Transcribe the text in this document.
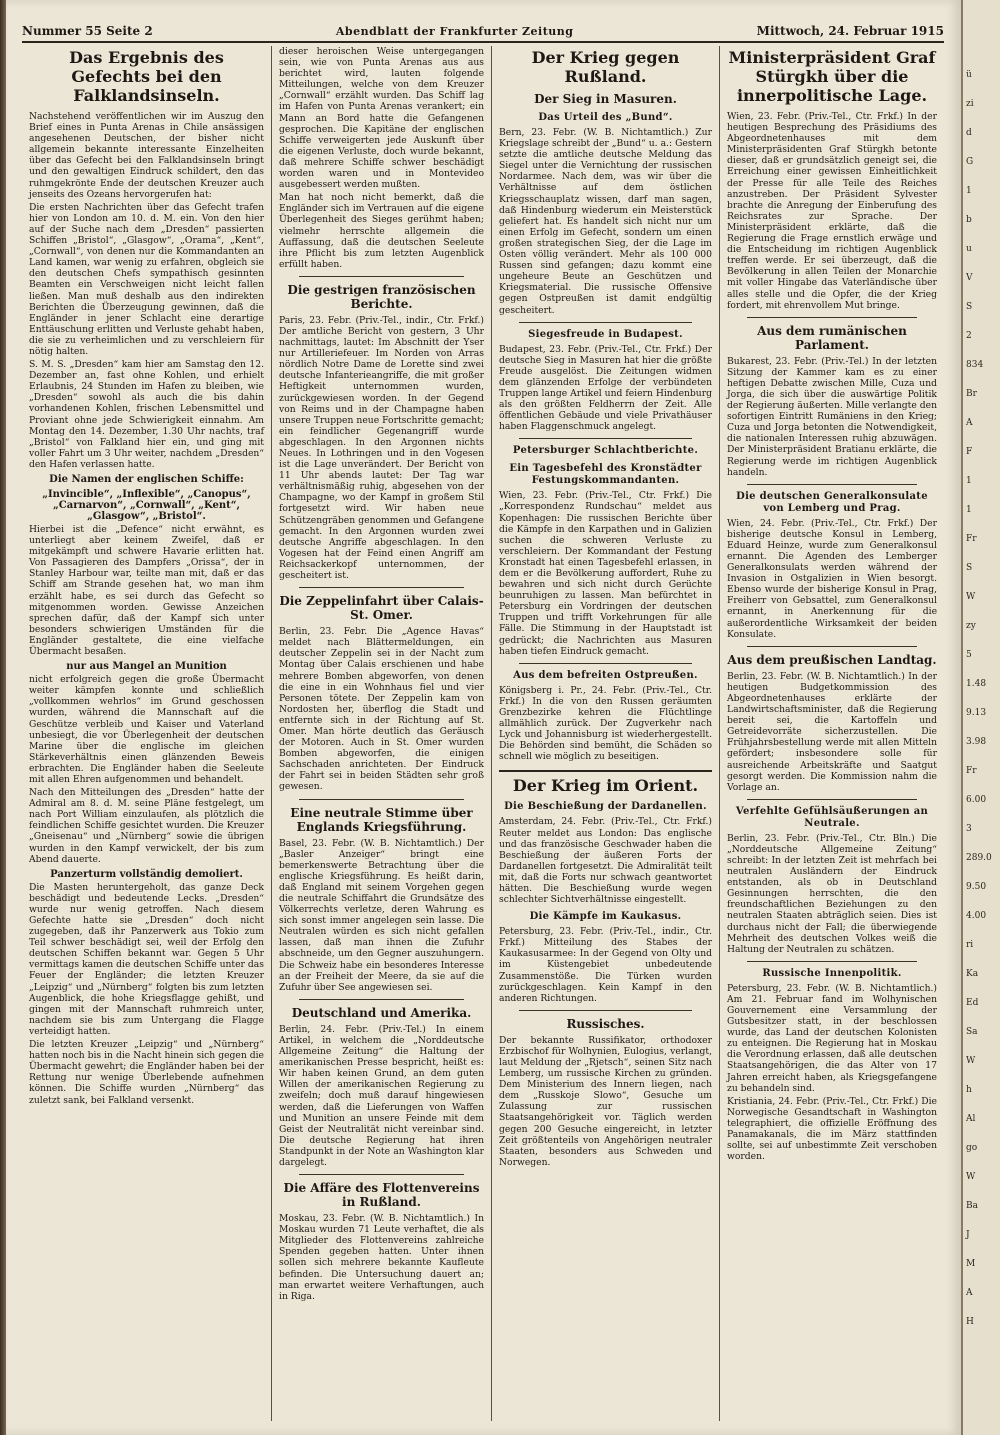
ü
zi
d
G
1
b
u
V
S
2
834
Br
A
F
1
1
Fr
S
W
zy
5
1.48
9.13
3.98
Fr
6.00
3
289.0
9.50
4.00
ri
Ka
Ed
Sa
W
h
Al
go
W
Ba
J
M
A
H
Nummer 55 Seite 2	Abendblatt der Frankfurter Zeitung	Mittwoch, 24. Februar 1915
Das Ergebnis des Gefechts bei den Falklandsinseln.

Nachstehend veröffentlichen wir im Auszug den Brief eines in Punta Arenas in Chile ansässigen angesehenen Deutschen, der bisher nicht allgemein bekannte interessante Einzelheiten über das Gefecht bei den Falklandsinseln bringt und den gewaltigen Eindruck schildert, den das ruhmgekrönte Ende der deutschen Kreuzer auch jenseits des Ozeans hervorgerufen hat:

Die ersten Nachrichten über das Gefecht trafen hier von London am 10. d. M. ein. Von den hier auf der Suche nach dem „Dresden“ passierten Schiffen „Bristol“, „Glasgow“, „Orama“, „Kent“, „Cornwall“, von denen nur die Kommandanten an Land kamen, war wenig zu erfahren, obgleich sie den deutschen Chefs sympathisch gesinnten Beamten ein Verschweigen nicht leicht fallen ließen. Man muß deshalb aus den indirekten Berichten die Überzeugung gewinnen, daß die Engländer in jener Schlacht eine derartige Enttäuschung erlitten und Verluste gehabt haben, die sie zu verheimlichen und zu verschleiern für nötig halten.

S. M. S. „Dresden“ kam hier am Samstag den 12. Dezember an, fast ohne Kohlen, und erhielt Erlaubnis, 24 Stunden im Hafen zu bleiben, wie „Dresden“ sowohl als auch die bis dahin vorhandenen Kohlen, frischen Lebensmittel und Proviant ohne jede Schwierigkeit einnahm. Am Montag den 14. Dezember, 1.30 Uhr nachts, traf „Bristol“ von Falkland hier ein, und ging mit voller Fahrt um 3 Uhr weiter, nachdem „Dresden“ den Hafen verlassen hatte.

Die Namen der englischen Schiffe:
„Invincible“, „Inflexible“, „Canopus“, „Carnarvon“, „Cornwall“, „Kent“, „Glasgow“, „Bristol“.

Hierbei ist die „Defence“ nicht erwähnt, es unterliegt aber keinem Zweifel, daß er mitgekämpft und schwere Havarie erlitten hat. Von Passagieren des Dampfers „Orissa“, der in Stanley Harbour war, teilte man mit, daß er das Schiff am Strande gesehen hat, wo man ihm erzählt habe, es sei durch das Gefecht so mitgenommen worden. Gewisse Anzeichen sprechen dafür, daß der Kampf sich unter besonders schwierigen Umständen für die Engländer gestaltete, die eine vielfache Übermacht besaßen.

nur aus Mangel an Munition

nicht erfolgreich gegen die große Übermacht weiter kämpfen konnte und schließlich „vollkommen wehrlos“ im Grund geschossen wurden, während die Mannschaft auf die Geschütze verbleib und Kaiser und Vaterland unbesiegt, die vor Überlegenheit der deutschen Marine über die englische im gleichen Stärkeverhältnis einen glänzenden Beweis erbrachten. Die Engländer haben die Seeleute mit allen Ehren aufgenommen und behandelt.

Nach den Mitteilungen des „Dresden“ hatte der Admiral am 8. d. M. seine Pläne festgelegt, um nach Port William einzulaufen, als plötzlich die feindlichen Schiffe gesichtet wurden. Die Kreuzer „Gneisenau“ und „Nürnberg“ sowie die übrigen wurden in den Kampf verwickelt, der bis zum Abend dauerte.

Panzerturm vollständig demoliert.

Die Masten heruntergeholt, das ganze Deck beschädigt und bedeutende Lecks. „Dresden“ wurde nur wenig getroffen. Nach diesem Gefechte hatte sie „Dresden“ doch nicht zugegeben, daß ihr Panzerwerk aus Tokio zum Teil schwer beschädigt sei, weil der Erfolg den deutschen Schiffen bekannt war. Gegen 5 Uhr vermittags kamen die deutschen Schiffe unter das Feuer der Engländer; die letzten Kreuzer „Leipzig“ und „Nürnberg“ folgten bis zum letzten Augenblick, die hohe Kriegsflagge gehißt, und gingen mit der Mannschaft ruhmreich unter, nachdem sie bis zum Untergang die Flagge verteidigt hatten.

Die letzten Kreuzer „Leipzig“ und „Nürnberg“ hatten noch bis in die Nacht hinein sich gegen die Übermacht gewehrt; die Engländer haben bei der Rettung nur wenige Überlebende aufnehmen können. Die Schiffe wurden „Nürnberg“ das zuletzt sank, bei Falkland versenkt.

dieser heroischen Weise untergegangen sein, wie von Punta Arenas aus aus berichtet wird, lauten folgende Mitteilungen, welche von dem Kreuzer „Cornwall“ erzählt wurden. Das Schiff lag im Hafen von Punta Arenas verankert; ein Mann an Bord hatte die Gefangenen gesprochen. Die Kapitäne der englischen Schiffe verweigerten jede Auskunft über die eigenen Verluste, doch wurde bekannt, daß mehrere Schiffe schwer beschädigt worden waren und in Montevideo ausgebessert werden mußten.

Man hat noch nicht bemerkt, daß die Engländer sich im Vertrauen auf die eigene Überlegenheit des Sieges gerühmt haben; vielmehr herrschte allgemein die Auffassung, daß die deutschen Seeleute ihre Pflicht bis zum letzten Augenblick erfüllt haben.

Die gestrigen französischen Berichte.

Paris, 23. Febr. (Priv.-Tel., indir., Ctr. Frkf.) Der amtliche Bericht von gestern, 3 Uhr nachmittags, lautet: Im Abschnitt der Yser nur Artilleriefeuer. Im Norden von Arras nördlich Notre Dame de Lorette sind zwei deutsche Infanterieangriffe, die mit großer Heftigkeit unternommen wurden, zurückgewiesen worden. In der Gegend von Reims und in der Champagne haben unsere Truppen neue Fortschritte gemacht; ein feindlicher Gegenangriff wurde abgeschlagen. In den Argonnen nichts Neues. In Lothringen und in den Vogesen ist die Lage unverändert. Der Bericht von 11 Uhr abends lautet: Der Tag war verhältnismäßig ruhig, abgesehen von der Champagne, wo der Kampf in großem Stil fortgesetzt wird. Wir haben neue Schützengräben genommen und Gefangene gemacht. In den Argonnen wurden zwei deutsche Angriffe abgeschlagen. In den Vogesen hat der Feind einen Angriff am Reichsackerkopf unternommen, der gescheitert ist.

Die Zeppelinfahrt über Calais-St. Omer.

Berlin, 23. Febr. Die „Agence Havas“ meldet nach Blättermeldungen, ein deutscher Zeppelin sei in der Nacht zum Montag über Calais erschienen und habe mehrere Bomben abgeworfen, von denen die eine in ein Wohnhaus fiel und vier Personen tötete. Der Zeppelin kam von Nordosten her, überflog die Stadt und entfernte sich in der Richtung auf St. Omer. Man hörte deutlich das Geräusch der Motoren. Auch in St. Omer wurden Bomben abgeworfen, die einigen Sachschaden anrichteten. Der Eindruck der Fahrt sei in beiden Städten sehr groß gewesen.

Eine neutrale Stimme über Englands Kriegsführung.

Basel, 23. Febr. (W. B. Nichtamtlich.) Der „Basler Anzeiger“ bringt eine bemerkenswerte Betrachtung über die englische Kriegsführung. Es heißt darin, daß England mit seinem Vorgehen gegen die neutrale Schiffahrt die Grundsätze des Völkerrechts verletze, deren Wahrung es sich sonst immer angelegen sein lasse. Die Neutralen würden es sich nicht gefallen lassen, daß man ihnen die Zufuhr abschneide, um den Gegner auszuhungern. Die Schweiz habe ein besonderes Interesse an der Freiheit der Meere, da sie auf die Zufuhr über See angewiesen sei.

Deutschland und Amerika.

Berlin, 24. Febr. (Priv.-Tel.) In einem Artikel, in welchem die „Norddeutsche Allgemeine Zeitung“ die Haltung der amerikanischen Presse bespricht, heißt es: Wir haben keinen Grund, an dem guten Willen der amerikanischen Regierung zu zweifeln; doch muß darauf hingewiesen werden, daß die Lieferungen von Waffen und Munition an unsere Feinde mit dem Geist der Neutralität nicht vereinbar sind. Die deutsche Regierung hat ihren Standpunkt in der Note an Washington klar dargelegt.

Die Affäre des Flottenvereins in Rußland.

Moskau, 23. Febr. (W. B. Nichtamtlich.) In Moskau wurden 71 Leute verhaftet, die als Mitglieder des Flottenvereins zahlreiche Spenden gegeben hatten. Unter ihnen sollen sich mehrere bekannte Kaufleute befinden. Die Untersuchung dauert an; man erwartet weitere Verhaftungen, auch in Riga.

Der Krieg gegen Rußland.
Der Sieg in Masuren.
Das Urteil des „Bund“.

Bern, 23. Febr. (W. B. Nichtamtlich.) Zur Kriegslage schreibt der „Bund“ u. a.: Gestern setzte die amtliche deutsche Meldung das Siegel unter die Vernichtung der russischen Nordarmee. Nach dem, was wir über die Verhältnisse auf dem östlichen Kriegsschauplatz wissen, darf man sagen, daß Hindenburg wiederum ein Meisterstück geliefert hat. Es handelt sich nicht nur um einen Erfolg im Gefecht, sondern um einen großen strategischen Sieg, der die Lage im Osten völlig verändert. Mehr als 100 000 Russen sind gefangen; dazu kommt eine ungeheure Beute an Geschützen und Kriegsmaterial. Die russische Offensive gegen Ostpreußen ist damit endgültig gescheitert.

Siegesfreude in Budapest.

Budapest, 23. Febr. (Priv.-Tel., Ctr. Frkf.) Der deutsche Sieg in Masuren hat hier die größte Freude ausgelöst. Die Zeitungen widmen dem glänzenden Erfolge der verbündeten Truppen lange Artikel und feiern Hindenburg als den größten Feldherrn der Zeit. Alle öffentlichen Gebäude und viele Privathäuser haben Flaggenschmuck angelegt.

Petersburger Schlachtberichte.
Ein Tagesbefehl des Kronstädter Festungskommandanten.

Wien, 23. Febr. (Priv.-Tel., Ctr. Frkf.) Die „Korrespondenz Rundschau“ meldet aus Kopenhagen: Die russischen Berichte über die Kämpfe in den Karpathen und in Galizien suchen die schweren Verluste zu verschleiern. Der Kommandant der Festung Kronstadt hat einen Tagesbefehl erlassen, in dem er die Bevölkerung auffordert, Ruhe zu bewahren und sich nicht durch Gerüchte beunruhigen zu lassen. Man befürchtet in Petersburg ein Vordringen der deutschen Truppen und trifft Vorkehrungen für alle Fälle. Die Stimmung in der Hauptstadt ist gedrückt; die Nachrichten aus Masuren haben tiefen Eindruck gemacht.

Aus dem befreiten Ostpreußen.

Königsberg i. Pr., 24. Febr. (Priv.-Tel., Ctr. Frkf.) In die von den Russen geräumten Grenzbezirke kehren die Flüchtlinge allmählich zurück. Der Zugverkehr nach Lyck und Johannisburg ist wiederhergestellt. Die Behörden sind bemüht, die Schäden so schnell wie möglich zu beseitigen.

Der Krieg im Orient.
Die Beschießung der Dardanellen.

Amsterdam, 24. Febr. (Priv.-Tel., Ctr. Frkf.) Reuter meldet aus London: Das englische und das französische Geschwader haben die Beschießung der äußeren Forts der Dardanellen fortgesetzt. Die Admiralität teilt mit, daß die Forts nur schwach geantwortet hätten. Die Beschießung wurde wegen schlechter Sichtverhältnisse eingestellt.

Die Kämpfe im Kaukasus.

Petersburg, 23. Febr. (Priv.-Tel., indir., Ctr. Frkf.) Mitteilung des Stabes der Kaukasusarmee: In der Gegend von Olty und im Küstengebiet unbedeutende Zusammenstöße. Die Türken wurden zurückgeschlagen. Kein Kampf in den anderen Richtungen.

Russisches.

Der bekannte Russifikator, orthodoxer Erzbischof für Wolhynien, Eulogius, verlangt, laut Meldung der „Rjetsch“, seinen Sitz nach Lemberg, um russische Kirchen zu gründen. Dem Ministerium des Innern liegen, nach dem „Russkoje Slowo“, Gesuche um Zulassung zur russischen Staatsangehörigkeit vor. Täglich werden gegen 200 Gesuche eingereicht, in letzter Zeit größtenteils von Angehörigen neutraler Staaten, besonders aus Schweden und Norwegen.

Ministerpräsident Graf Stürgkh über die innerpolitische Lage.

Wien, 23. Febr. (Priv.-Tel., Ctr. Frkf.) In der heutigen Besprechung des Präsidiums des Abgeordnetenhauses mit dem Ministerpräsidenten Graf Stürgkh betonte dieser, daß er grundsätzlich geneigt sei, die Erreichung einer gewissen Einheitlichkeit der Presse für alle Teile des Reiches anzustreben. Der Präsident Sylvester brachte die Anregung der Einberufung des Reichsrates zur Sprache. Der Ministerpräsident erklärte, daß die Regierung die Frage ernstlich erwäge und die Entscheidung im richtigen Augenblick treffen werde. Er sei überzeugt, daß die Bevölkerung in allen Teilen der Monarchie mit voller Hingabe das Vaterländische über alles stelle und die Opfer, die der Krieg fordert, mit ehrenvollem Mut bringe.

Aus dem rumänischen Parlament.

Bukarest, 23. Febr. (Priv.-Tel.) In der letzten Sitzung der Kammer kam es zu einer heftigen Debatte zwischen Mille, Cuza und Jorga, die sich über die auswärtige Politik der Regierung äußerten. Mille verlangte den sofortigen Eintritt Rumäniens in den Krieg; Cuza und Jorga betonten die Notwendigkeit, die nationalen Interessen ruhig abzuwägen. Der Ministerpräsident Bratianu erklärte, die Regierung werde im richtigen Augenblick handeln.

Die deutschen Generalkonsulate von Lemberg und Prag.

Wien, 24. Febr. (Priv.-Tel., Ctr. Frkf.) Der bisherige deutsche Konsul in Lemberg, Eduard Heinze, wurde zum Generalkonsul ernannt. Die Agenden des Lemberger Generalkonsulats werden während der Invasion in Ostgalizien in Wien besorgt. Ebenso wurde der bisherige Konsul in Prag, Freiherr von Gebsattel, zum Generalkonsul ernannt, in Anerkennung für die außerordentliche Wirksamkeit der beiden Konsulate.

Aus dem preußischen Landtag.

Berlin, 23. Febr. (W. B. Nichtamtlich.) In der heutigen Budgetkommission des Abgeordnetenhauses erklärte der Landwirtschaftsminister, daß die Regierung bereit sei, die Kartoffeln und Getreidevorräte sicherzustellen. Die Frühjahrsbestellung werde mit allen Mitteln gefördert; insbesondere solle für ausreichende Arbeitskräfte und Saatgut gesorgt werden. Die Kommission nahm die Vorlage an.

Verfehlte Gefühlsäußerungen an Neutrale.

Berlin, 23. Febr. (Priv.-Tel., Ctr. Bln.) Die „Norddeutsche Allgemeine Zeitung“ schreibt: In der letzten Zeit ist mehrfach bei neutralen Ausländern der Eindruck entstanden, als ob in Deutschland Gesinnungen herrschten, die den freundschaftlichen Beziehungen zu den neutralen Staaten abträglich seien. Dies ist durchaus nicht der Fall; die überwiegende Mehrheit des deutschen Volkes weiß die Haltung der Neutralen zu schätzen.

Russische Innenpolitik.

Petersburg, 23. Febr. (W. B. Nichtamtlich.) Am 21. Februar fand im Wolhynischen Gouvernement eine Versammlung der Gutsbesitzer statt, in der beschlossen wurde, das Land der deutschen Kolonisten zu enteignen. Die Regierung hat in Moskau die Verordnung erlassen, daß alle deutschen Staatsangehörigen, die das Alter von 17 Jahren erreicht haben, als Kriegsgefangene zu behandeln sind.

Kristiania, 24. Febr. (Priv.-Tel., Ctr. Frkf.) Die Norwegische Gesandtschaft in Washington telegraphiert, die offizielle Eröffnung des Panamakanals, die im März stattfinden sollte, sei auf unbestimmte Zeit verschoben worden.
